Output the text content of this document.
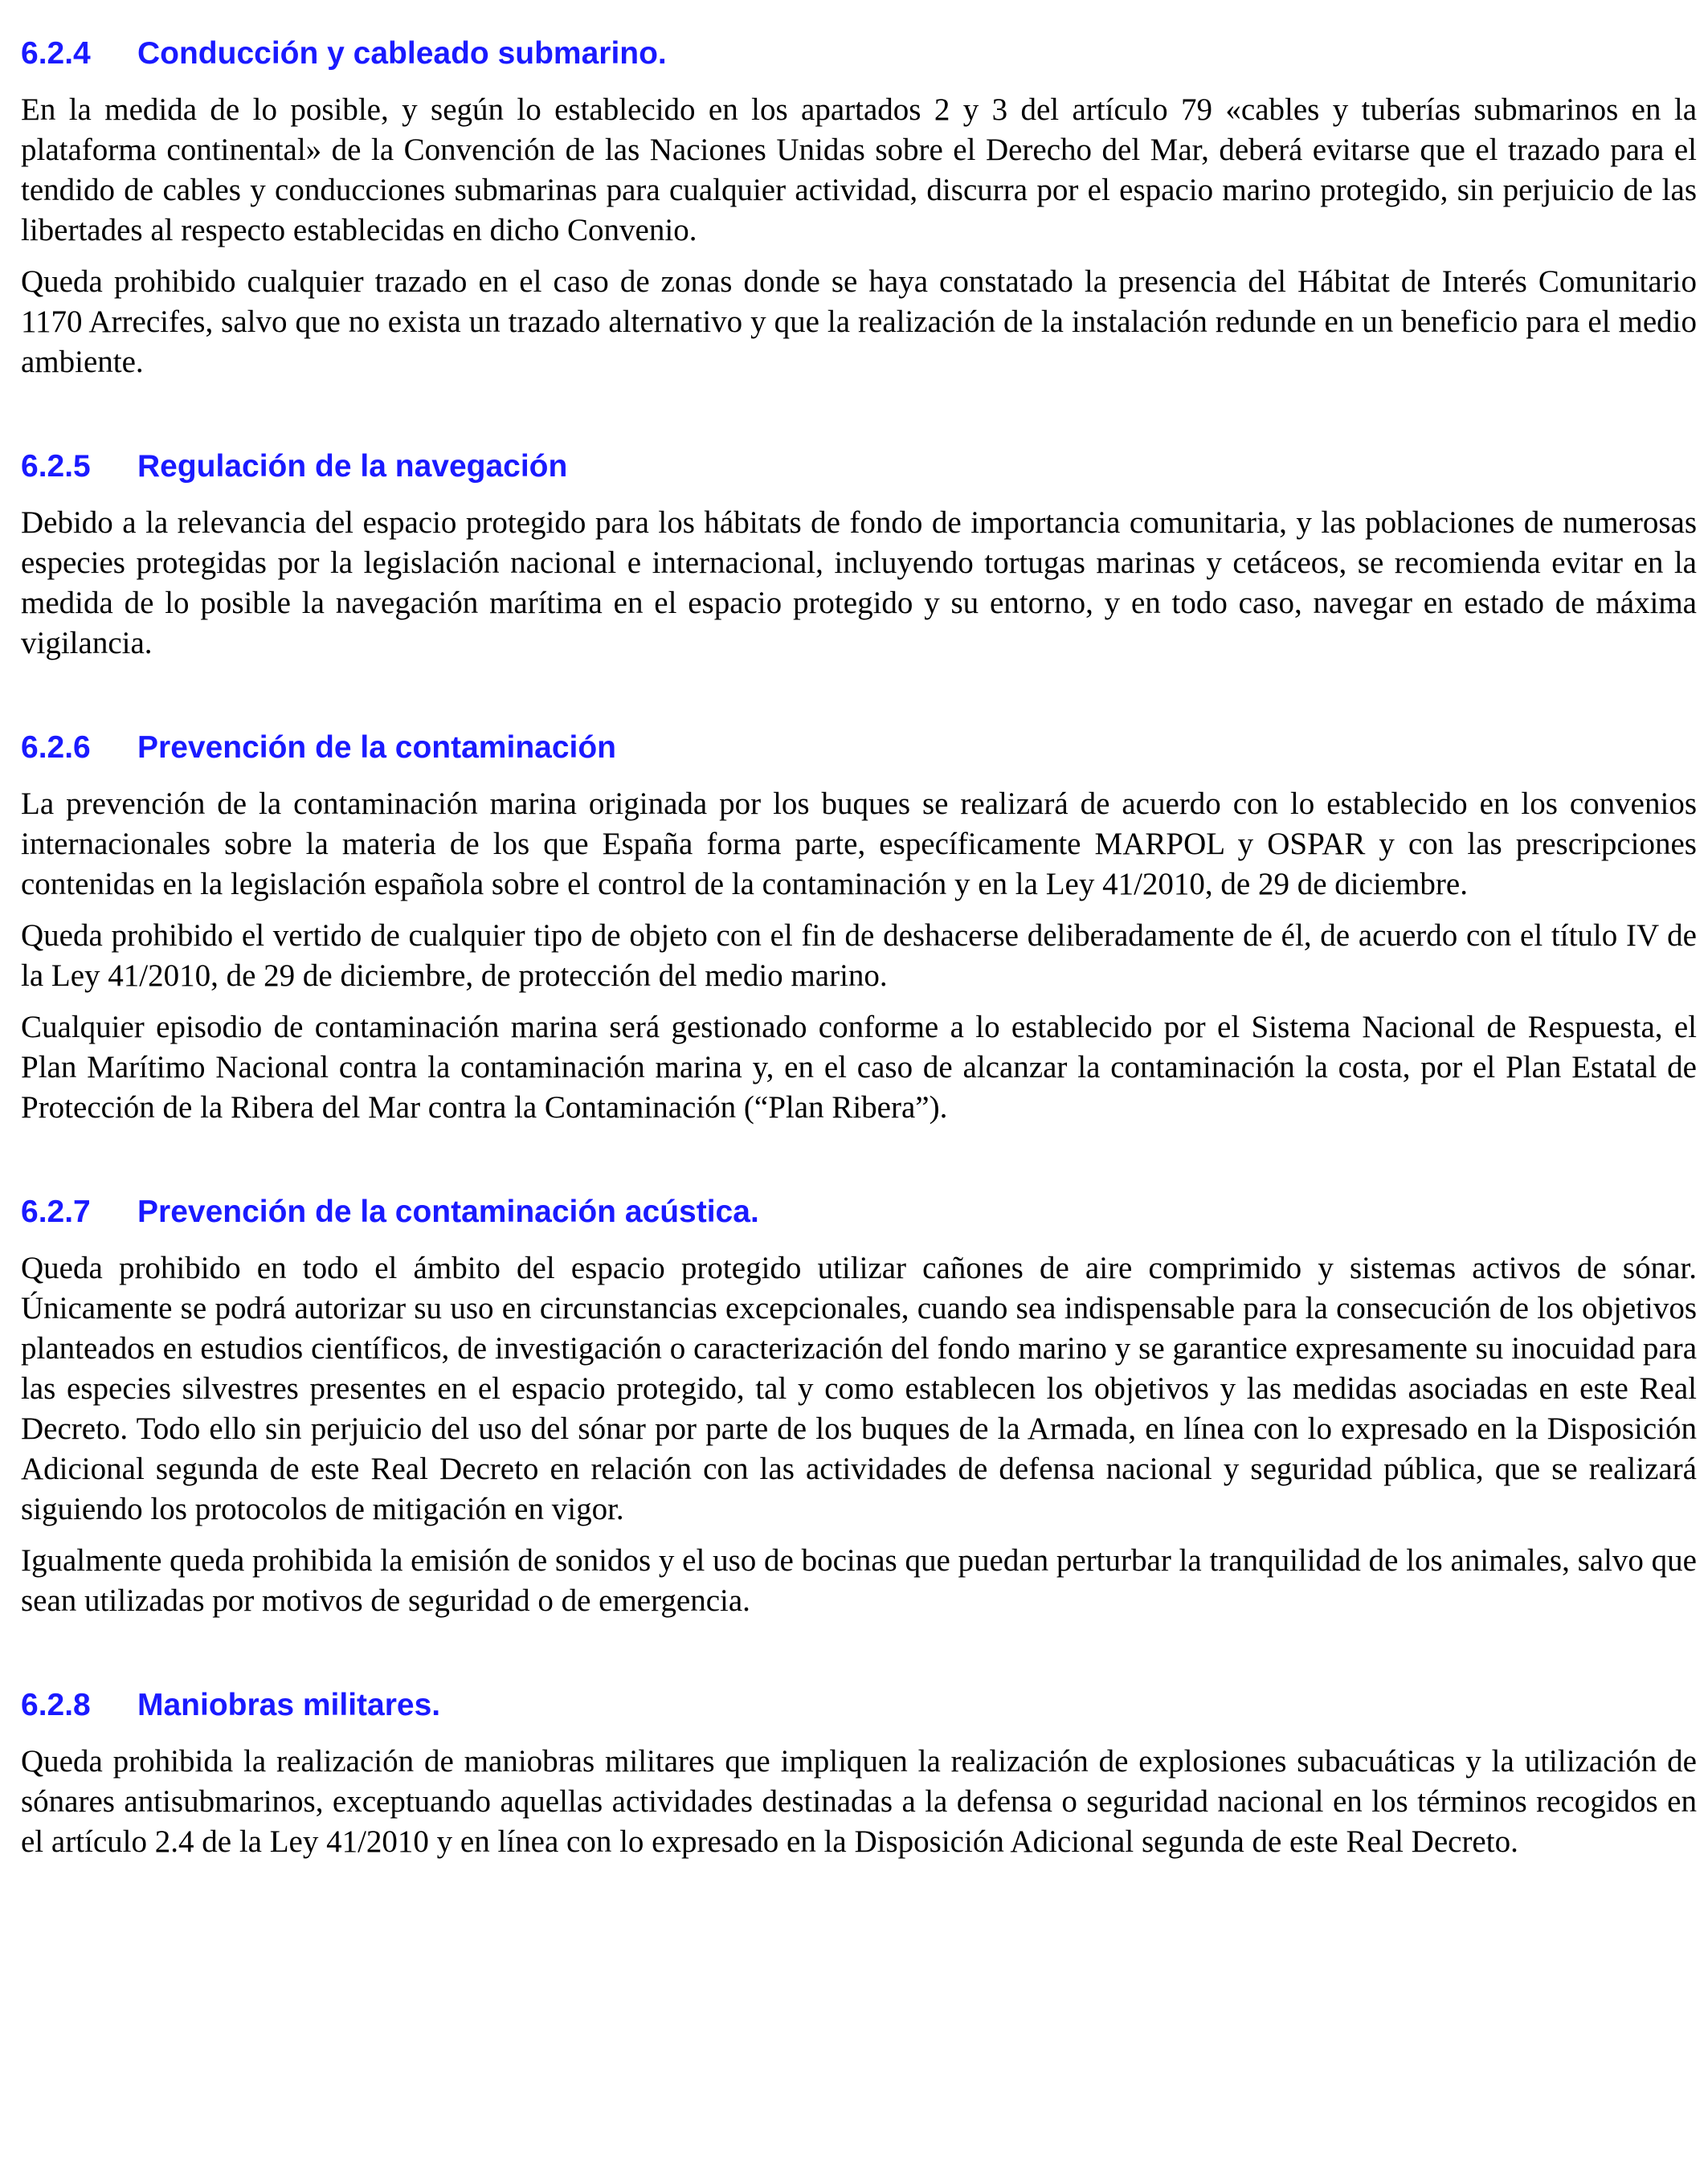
6.2.4 Conducción y cableado submarino.

En la medida de lo posible, y según lo establecido en los apartados 2 y 3 del artículo 79 «cables y tuberías submarinos en la plataforma continental» de la Convención de las Naciones Unidas sobre el Derecho del Mar, deberá evitarse que el trazado para el tendido de cables y conducciones submarinas para cualquier actividad, discurra por el espacio marino protegido, sin perjuicio de las libertades al respecto establecidas en dicho Convenio.

Queda prohibido cualquier trazado en el caso de zonas donde se haya constatado la presencia del Hábitat de Interés Comunitario 1170 Arrecifes, salvo que no exista un trazado alternativo y que la realización de la instalación redunde en un beneficio para el medio ambiente.

6.2.5 Regulación de la navegación

Debido a la relevancia del espacio protegido para los hábitats de fondo de importancia comunitaria, y las poblaciones de numerosas especies protegidas por la legislación nacional e internacional, incluyendo tortugas marinas y cetáceos, se recomienda evitar en la medida de lo posible la navegación marítima en el espacio protegido y su entorno, y en todo caso, navegar en estado de máxima vigilancia.

6.2.6 Prevención de la contaminación

La prevención de la contaminación marina originada por los buques se realizará de acuerdo con lo establecido en los convenios internacionales sobre la materia de los que España forma parte, específicamente MARPOL y OSPAR y con las prescripciones contenidas en la legislación española sobre el control de la contaminación y en la Ley 41/2010, de 29 de diciembre.

Queda prohibido el vertido de cualquier tipo de objeto con el fin de deshacerse deliberadamente de él, de acuerdo con el título IV de la Ley 41/2010, de 29 de diciembre, de protección del medio marino.

Cualquier episodio de contaminación marina será gestionado conforme a lo establecido por el Sistema Nacional de Respuesta, el Plan Marítimo Nacional contra la contaminación marina y, en el caso de alcanzar la contaminación la costa, por el Plan Estatal de Protección de la Ribera del Mar contra la Contaminación (“Plan Ribera”).

6.2.7 Prevención de la contaminación acústica.

Queda prohibido en todo el ámbito del espacio protegido utilizar cañones de aire comprimido y sistemas activos de sónar. Únicamente se podrá autorizar su uso en circunstancias excepcionales, cuando sea indispensable para la consecución de los objetivos planteados en estudios científicos, de investigación o caracterización del fondo marino y se garantice expresamente su inocuidad para las especies silvestres presentes en el espacio protegido, tal y como establecen los objetivos y las medidas asociadas en este Real Decreto. Todo ello sin perjuicio del uso del sónar por parte de los buques de la Armada, en línea con lo expresado en la Disposición Adicional segunda de este Real Decreto en relación con las actividades de defensa nacional y seguridad pública, que se realizará siguiendo los protocolos de mitigación en vigor.

Igualmente queda prohibida la emisión de sonidos y el uso de bocinas que puedan perturbar la tranquilidad de los animales, salvo que sean utilizadas por motivos de seguridad o de emergencia.

6.2.8 Maniobras militares.

Queda prohibida la realización de maniobras militares que impliquen la realización de explosiones subacuáticas y la utilización de sónares antisubmarinos, exceptuando aquellas actividades destinadas a la defensa o seguridad nacional en los términos recogidos en el artículo 2.4 de la Ley 41/2010 y en línea con lo expresado en la Disposición Adicional segunda de este Real Decreto.
